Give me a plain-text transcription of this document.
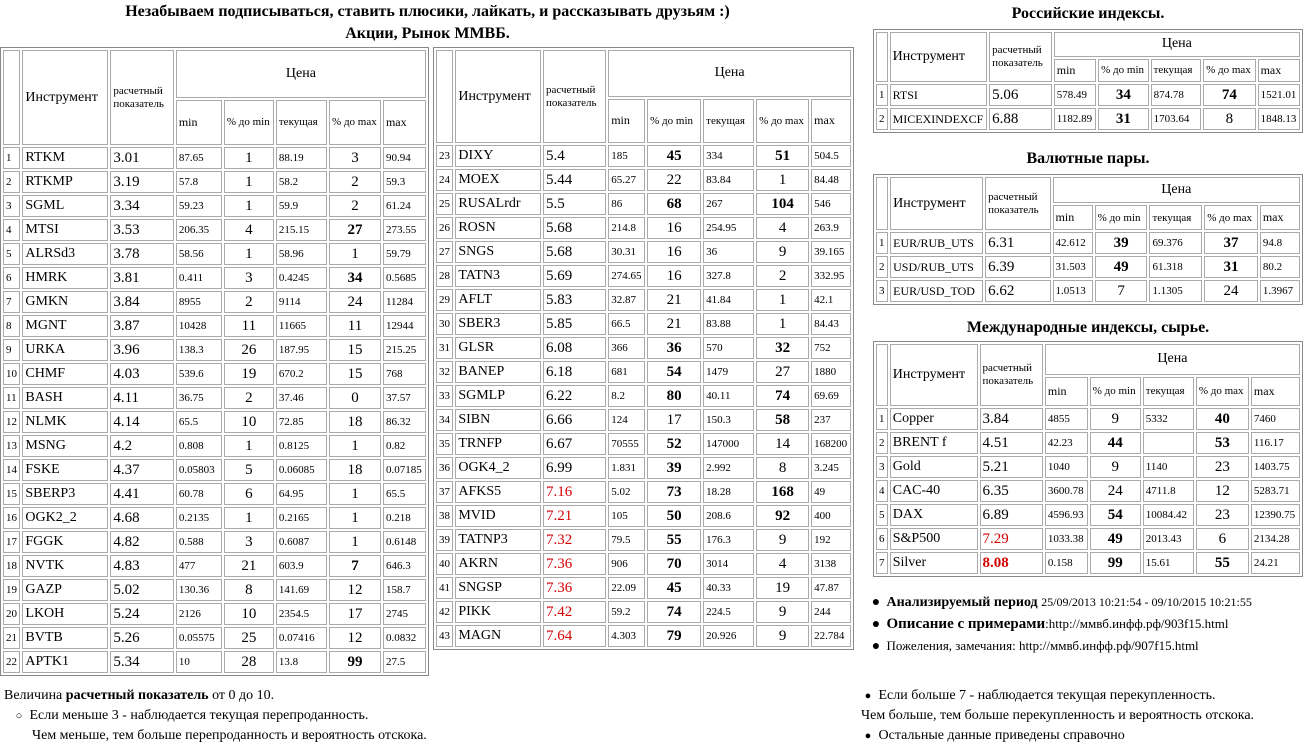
Незабываем подписываться, ставить плюсики, лайкать, и рассказывать друзьям :)
Акции, Рынок ММВБ.
	Инструмент	расчетный показатель	Цена				
			min	% до min	текущая	% до max	max
1	RTKM	3.01	87.65	1	88.19	3	90.94
2	RTKMP	3.19	57.8	1	58.2	2	59.3
3	SGML	3.34	59.23	1	59.9	2	61.24
4	MTSI	3.53	206.35	4	215.15	27	273.55
5	ALRSd3	3.78	58.56	1	58.96	1	59.79
6	HMRK	3.81	0.411	3	0.4245	34	0.5685
7	GMKN	3.84	8955	2	9114	24	11284
8	MGNT	3.87	10428	11	11665	11	12944
9	URKA	3.96	138.3	26	187.95	15	215.25
10	CHMF	4.03	539.6	19	670.2	15	768
11	BASH	4.11	36.75	2	37.46	0	37.57
12	NLMK	4.14	65.5	10	72.85	18	86.32
13	MSNG	4.2	0.808	1	0.8125	1	0.82
14	FSKE	4.37	0.05803	5	0.06085	18	0.07185
15	SBERP3	4.41	60.78	6	64.95	1	65.5
16	OGK2_2	4.68	0.2135	1	0.2165	1	0.218
17	FGGK	4.82	0.588	3	0.6087	1	0.6148
18	NVTK	4.83	477	21	603.9	7	646.3
19	GAZP	5.02	130.36	8	141.69	12	158.7
20	LKOH	5.24	2126	10	2354.5	17	2745
21	BVTB	5.26	0.05575	25	0.07416	12	0.0832
22	APTK1	5.34	10	28	13.8	99	27.5
	Инструмент	расчетный показатель	Цена				
			min	% до min	текущая	% до max	max
23	DIXY	5.4	185	45	334	51	504.5
24	MOEX	5.44	65.27	22	83.84	1	84.48
25	RUSALrdr	5.5	86	68	267	104	546
26	ROSN	5.68	214.8	16	254.95	4	263.9
27	SNGS	5.68	30.31	16	36	9	39.165
28	TATN3	5.69	274.65	16	327.8	2	332.95
29	AFLT	5.83	32.87	21	41.84	1	42.1
30	SBER3	5.85	66.5	21	83.88	1	84.43
31	GLSR	6.08	366	36	570	32	752
32	BANEP	6.18	681	54	1479	27	1880
33	SGMLP	6.22	8.2	80	40.11	74	69.69
34	SIBN	6.66	124	17	150.3	58	237
35	TRNFP	6.67	70555	52	147000	14	168200
36	OGK4_2	6.99	1.831	39	2.992	8	3.245
37	AFKS5	7.16	5.02	73	18.28	168	49
38	MVID	7.21	105	50	208.6	92	400
39	TATNP3	7.32	79.5	55	176.3	9	192
40	AKRN	7.36	906	70	3014	4	3138
41	SNGSP	7.36	22.09	45	40.33	19	47.87
42	PIKK	7.42	59.2	74	224.5	9	244
43	MAGN	7.64	4.303	79	20.926	9	22.784
Российские индексы.
	Инструмент	расчетный показатель	Цена				
			min	% до min	текущая	% до max	max
1	RTSI	5.06	578.49	34	874.78	74	1521.01
2	MICEXINDEXCF	6.88	1182.89	31	1703.64	8	1848.13
Валютные пары.
	Инструмент	расчетный показатель	Цена				
			min	% до min	текущая	% до max	max
1	EUR/RUB_UTS	6.31	42.612	39	69.376	37	94.8
2	USD/RUB_UTS	6.39	31.503	49	61.318	31	80.2
3	EUR/USD_TOD	6.62	1.0513	7	1.1305	24	1.3967
Международные индексы, сырье.
	Инструмент	расчетный показатель	Цена				
			min	% до min	текущая	% до max	max
1	Copper	3.84	4855	9	5332	40	7460
2	BRENT f	4.51	42.23	44		53	116.17
3	Gold	5.21	1040	9	1140	23	1403.75
4	CAC-40	6.35	3600.78	24	4711.8	12	5283.71
5	DAX	6.89	4596.93	54	10084.42	23	12390.75
6	S&P500	7.29	1033.38	49	2013.43	6	2134.28
7	Silver	8.08	0.158	99	15.61	55	24.21
● Анализируемый период 25/09/2013 10:21:54 - 09/10/2015 10:21:55
● Описание с примерами:http://ммвб.инфф.рф/903f15.html
● Пожеления, замечания: http://ммвб.инфф.рф/907f15.html
Величина расчетный показатель от 0 до 10.
○ Если меньше 3 - наблюдается текущая перепроданность.
Чем меньше, тем больше перепроданность и вероятность отскока.
● Если больше 7 - наблюдается текущая перекупленность.
Чем больше, тем больше перекупленность и вероятность отскока.
● Остальные данные приведены справочно
